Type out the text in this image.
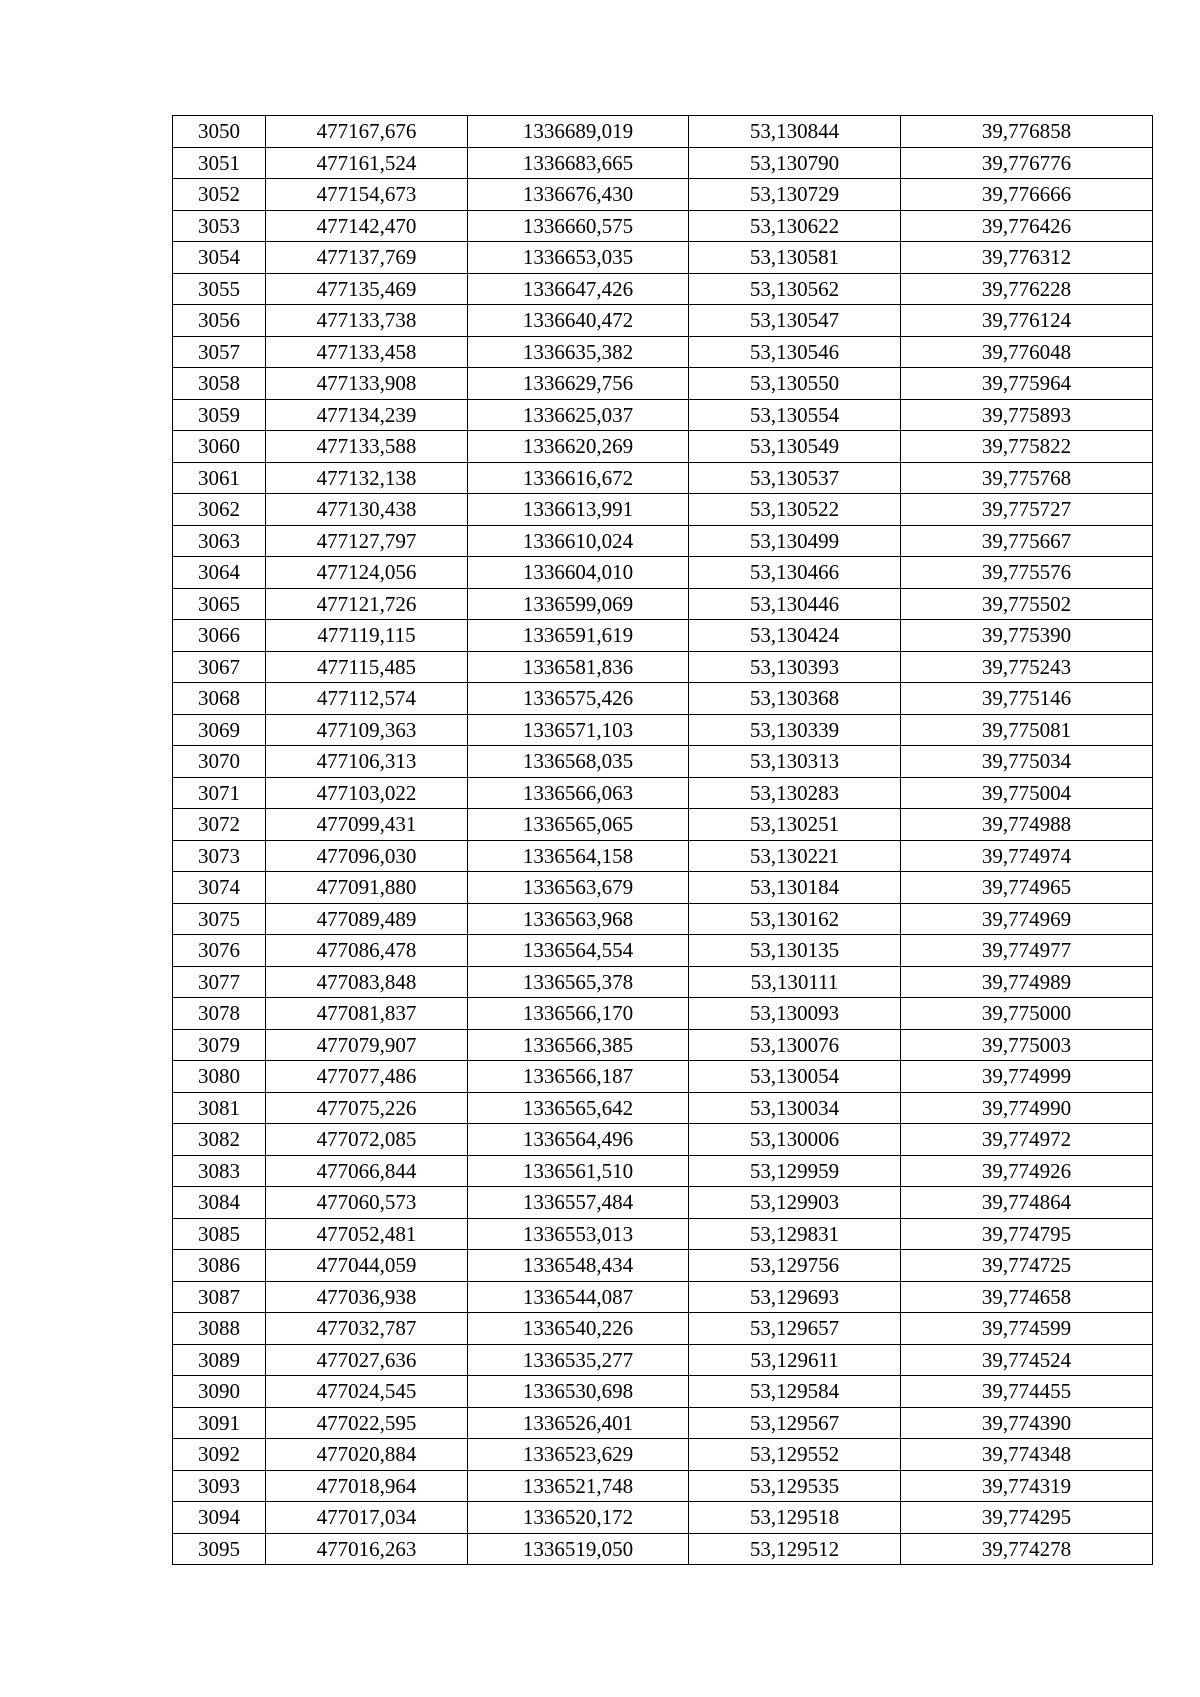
3050	477167,676	1336689,019	53,130844	39,776858
3051	477161,524	1336683,665	53,130790	39,776776
3052	477154,673	1336676,430	53,130729	39,776666
3053	477142,470	1336660,575	53,130622	39,776426
3054	477137,769	1336653,035	53,130581	39,776312
3055	477135,469	1336647,426	53,130562	39,776228
3056	477133,738	1336640,472	53,130547	39,776124
3057	477133,458	1336635,382	53,130546	39,776048
3058	477133,908	1336629,756	53,130550	39,775964
3059	477134,239	1336625,037	53,130554	39,775893
3060	477133,588	1336620,269	53,130549	39,775822
3061	477132,138	1336616,672	53,130537	39,775768
3062	477130,438	1336613,991	53,130522	39,775727
3063	477127,797	1336610,024	53,130499	39,775667
3064	477124,056	1336604,010	53,130466	39,775576
3065	477121,726	1336599,069	53,130446	39,775502
3066	477119,115	1336591,619	53,130424	39,775390
3067	477115,485	1336581,836	53,130393	39,775243
3068	477112,574	1336575,426	53,130368	39,775146
3069	477109,363	1336571,103	53,130339	39,775081
3070	477106,313	1336568,035	53,130313	39,775034
3071	477103,022	1336566,063	53,130283	39,775004
3072	477099,431	1336565,065	53,130251	39,774988
3073	477096,030	1336564,158	53,130221	39,774974
3074	477091,880	1336563,679	53,130184	39,774965
3075	477089,489	1336563,968	53,130162	39,774969
3076	477086,478	1336564,554	53,130135	39,774977
3077	477083,848	1336565,378	53,130111	39,774989
3078	477081,837	1336566,170	53,130093	39,775000
3079	477079,907	1336566,385	53,130076	39,775003
3080	477077,486	1336566,187	53,130054	39,774999
3081	477075,226	1336565,642	53,130034	39,774990
3082	477072,085	1336564,496	53,130006	39,774972
3083	477066,844	1336561,510	53,129959	39,774926
3084	477060,573	1336557,484	53,129903	39,774864
3085	477052,481	1336553,013	53,129831	39,774795
3086	477044,059	1336548,434	53,129756	39,774725
3087	477036,938	1336544,087	53,129693	39,774658
3088	477032,787	1336540,226	53,129657	39,774599
3089	477027,636	1336535,277	53,129611	39,774524
3090	477024,545	1336530,698	53,129584	39,774455
3091	477022,595	1336526,401	53,129567	39,774390
3092	477020,884	1336523,629	53,129552	39,774348
3093	477018,964	1336521,748	53,129535	39,774319
3094	477017,034	1336520,172	53,129518	39,774295
3095	477016,263	1336519,050	53,129512	39,774278
